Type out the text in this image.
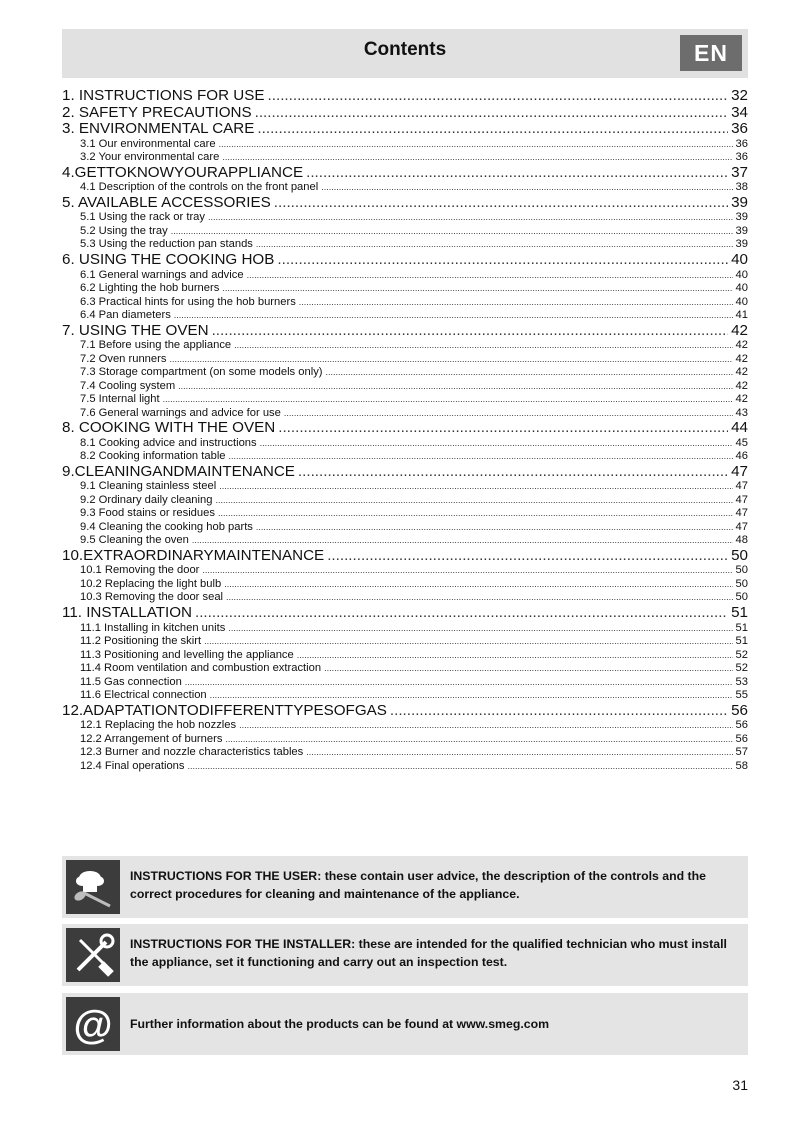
Contents	EN
1. INSTRUCTIONS FOR USE .....	32
2. SAFETY PRECAUTIONS .....	34
3. ENVIRONMENTAL CARE .....	36
3.1 Our environmental care .....	36
3.2 Your environmental care .....	36
4.GETTOKNOWYOURAPPLIANCE .....	37
4.1 Description of the controls on the front panel .....	38
5. AVAILABLE ACCESSORIES .....	39
5.1 Using the rack or tray .....	39
5.2 Using the tray .....	39
5.3 Using the reduction pan stands .....	39
6. USING THE COOKING HOB .....	40
6.1 General warnings and advice .....	40
6.2 Lighting the hob burners .....	40
6.3 Practical hints for using the hob burners .....	40
6.4 Pan diameters .....	41
7. USING THE OVEN .....	42
7.1 Before using the appliance .....	42
7.2 Oven runners .....	42
7.3 Storage compartment (on some models only) .....	42
7.4 Cooling system .....	42
7.5 Internal light .....	42
7.6 General warnings and advice for use .....	43
8. COOKING WITH THE OVEN .....	44
8.1 Cooking advice and instructions .....	45
8.2 Cooking information table .....	46
9.CLEANINGANDMAINTENANCE .....	47
9.1 Cleaning stainless steel .....	47
9.2 Ordinary daily cleaning .....	47
9.3 Food stains or residues .....	47
9.4 Cleaning the cooking hob parts .....	47
9.5 Cleaning the oven .....	48
10.EXTRAORDINARYMAINTENANCE .....	50
10.1 Removing the door .....	50
10.2 Replacing the light bulb .....	50
10.3 Removing the door seal .....	50
11. INSTALLATION .....	51
11.1 Installing in kitchen units .....	51
11.2 Positioning the skirt .....	51
11.3 Positioning and levelling the appliance .....	52
11.4 Room ventilation and combustion extraction .....	52
11.5 Gas connection .....	53
11.6 Electrical connection .....	55
12.ADAPTATIONTODIFFERENTTYPESOFGAS .....	56
12.1 Replacing the hob nozzles .....	56
12.2 Arrangement of burners .....	56
12.3 Burner and nozzle characteristics tables .....	57
12.4 Final operations .....	58
INSTRUCTIONS FOR THE USER: these contain user advice, the description of the controls and the correct procedures for cleaning and maintenance of the appliance.
INSTRUCTIONS FOR THE INSTALLER: these are intended for the qualified technician who must install the appliance, set it functioning and carry out an inspection test.
@ Further information about the products can be found at www.smeg.com
31
